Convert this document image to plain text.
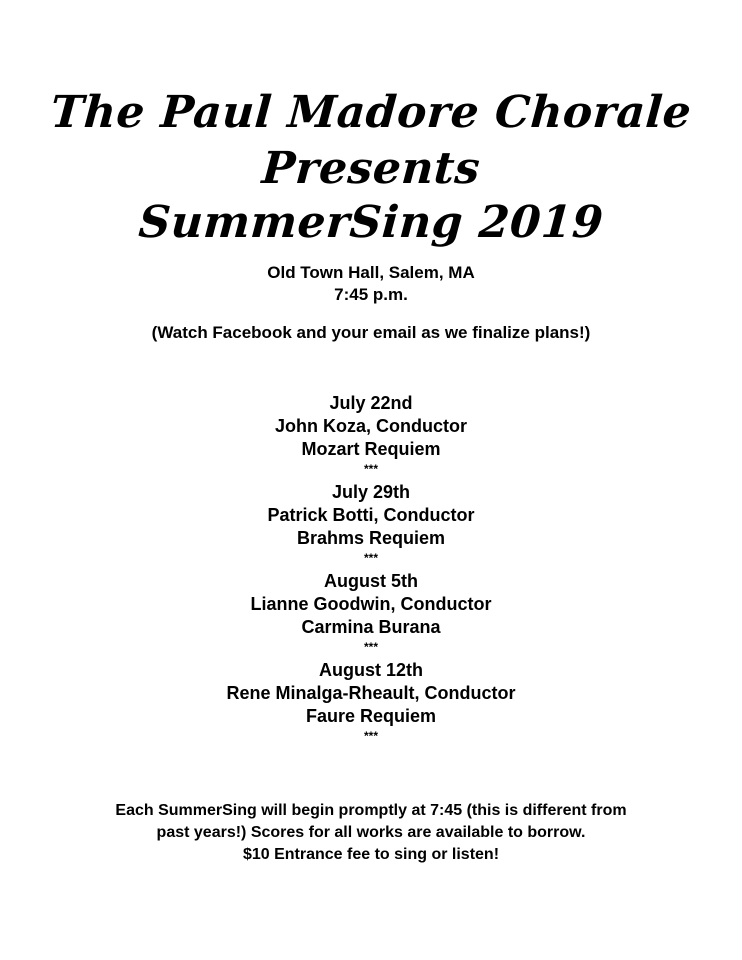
The Paul Madore Chorale
Presents
SummerSing 2019
Old Town Hall, Salem, MA
7:45 p.m.
(Watch Facebook and your email as we finalize plans!)
July 22nd
John Koza, Conductor
Mozart Requiem
***
July 29th
Patrick Botti, Conductor
Brahms Requiem
***
August 5th
Lianne Goodwin, Conductor
Carmina Burana
***
August 12th
Rene Minalga-Rheault, Conductor
Faure Requiem
***
Each SummerSing will begin promptly at 7:45 (this is different from
past years!) Scores for all works are available to borrow.
$10 Entrance fee to sing or listen!
